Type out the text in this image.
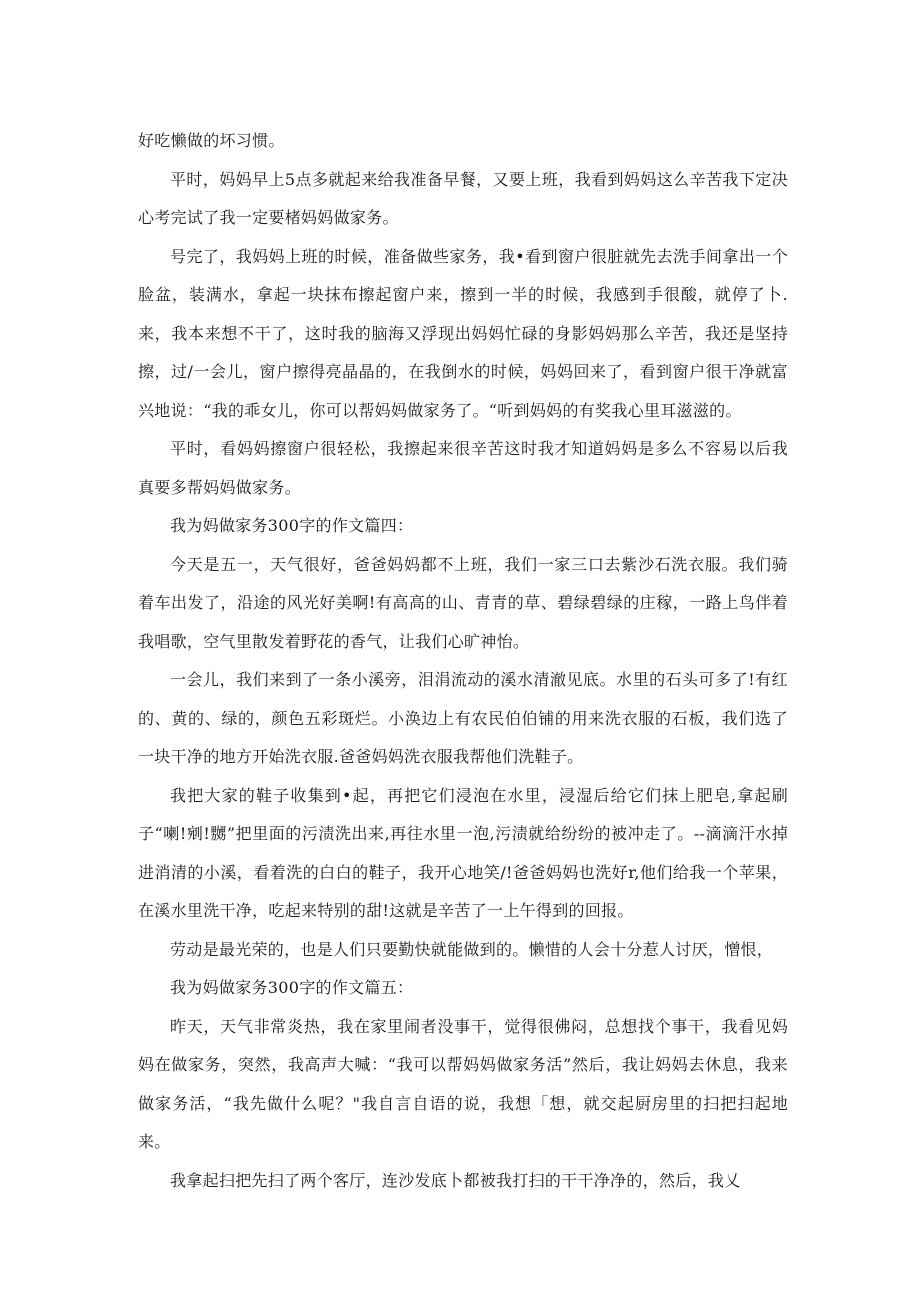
好吃懒做的坏习惯。

平时，妈妈早上5点多就起来给我准备早餐，又要上班，我看到妈妈这么辛苦我下定决心考完试了我一定要楮妈妈做家务。

号完了，我妈妈上班的时候，准备做些家务，我•看到窗户很脏就先去洗手间拿出一个脸盆，装满水，拿起一块抹布擦起窗户来，擦到一半的时候，我感到手很酸，就停了卜.来，我本来想不干了，这时我的脑海又浮现出妈妈忙碌的身影妈妈那么辛苦，我还是坚持擦，过/一会儿，窗户擦得亮晶晶的，在我倒水的时候，妈妈回来了，看到窗户很干净就富兴地说：“我的乖女儿，你可以帮妈妈做家务了。“听到妈妈的有奖我心里耳滋滋的。

平时，看妈妈擦窗户很轻松，我擦起来很辛苦这时我才知道妈妈是多么不容易以后我真要多帮妈妈做家务。

我为妈做家务300字的作文篇四：

今天是五一，天气很好，爸爸妈妈都不上班，我们一家三口去紫沙石洗衣服。我们骑着车出发了，沿途的风光好美啊!有高高的山、青青的草、碧绿碧绿的庄稼，一路上鸟伴着我唱歌，空气里散发着野花的香气，让我们心旷神怡。

一会儿，我们来到了一条小溪旁，泪涓流动的溪水清澈见底。水里的石头可多了!有红的、黄的、绿的，颜色五彩斑烂。小涣边上有农民伯伯铺的用来洗衣服的石板，我们选了一块干净的地方开始洗衣服.爸爸妈妈洗衣服我帮他们洗鞋子。

我把大家的鞋子收集到•起，再把它们浸泡在水里，浸湿后给它们抹上肥皂,拿起刷子“喇!剜!嬲”把里面的污渍洗出来,再往水里一泡,污渍就给纷纷的被冲走了。--滴滴汗水掉进消清的小溪，看着洗的白白的鞋子，我开心地笑/!爸爸妈妈也洗好r,他们给我一个苹果，在溪水里洗干净，吃起来特别的甜!这就是辛苦了一上午得到的回报。

劳动是最光荣的，也是人们只要勤快就能做到的。懒惜的人会十分惹人讨厌，憎恨，

我为妈做家务300字的作文篇五：

昨天，天气非常炎热，我在家里闹者没事干，觉得很佛闷，总想找个事干，我看见妈妈在做家务，突然，我高声大喊：“我可以帮妈妈做家务活”然后，我让妈妈去休息，我来做家务活，“我先做什么呢？"我自言自语的说，我想「想，就交起厨房里的扫把扫起地来。

我拿起扫把先扫了两个客厅，连沙发底卜都被我打扫的干干净净的，然后，我乂
